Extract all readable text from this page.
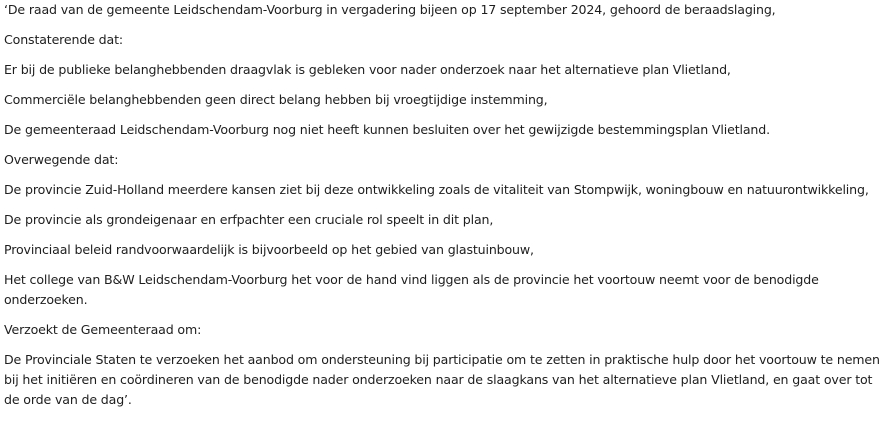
‘De raad van de gemeente Leidschendam-Voorburg in vergadering bijeen op 17 september 2024, gehoord de beraadslaging,

Constaterende dat:

Er bij de publieke belanghebbenden draagvlak is gebleken voor nader onderzoek naar het alternatieve plan Vlietland,

Commerciële belanghebbenden geen direct belang hebben bij vroegtijdige instemming,

De gemeenteraad Leidschendam-Voorburg nog niet heeft kunnen besluiten over het gewijzigde bestemmingsplan Vlietland.

Overwegende dat:

De provincie Zuid-Holland meerdere kansen ziet bij deze ontwikkeling zoals de vitaliteit van Stompwijk, woningbouw en natuurontwikkeling,

De provincie als grondeigenaar en erfpachter een cruciale rol speelt in dit plan,

Provinciaal beleid randvoorwaardelijk is bijvoorbeeld op het gebied van glastuinbouw,

Het college van B&W Leidschendam-Voorburg het voor de hand vind liggen als de provincie het voortouw neemt voor de benodigde onderzoeken.

Verzoekt de Gemeenteraad om:

De Provinciale Staten te verzoeken het aanbod om ondersteuning bij participatie om te zetten in praktische hulp door het voortouw te nemen bij het initiëren en coördineren van de benodigde nader onderzoeken naar de slaagkans van het alternatieve plan Vlietland, en gaat over tot de orde van de dag’.
